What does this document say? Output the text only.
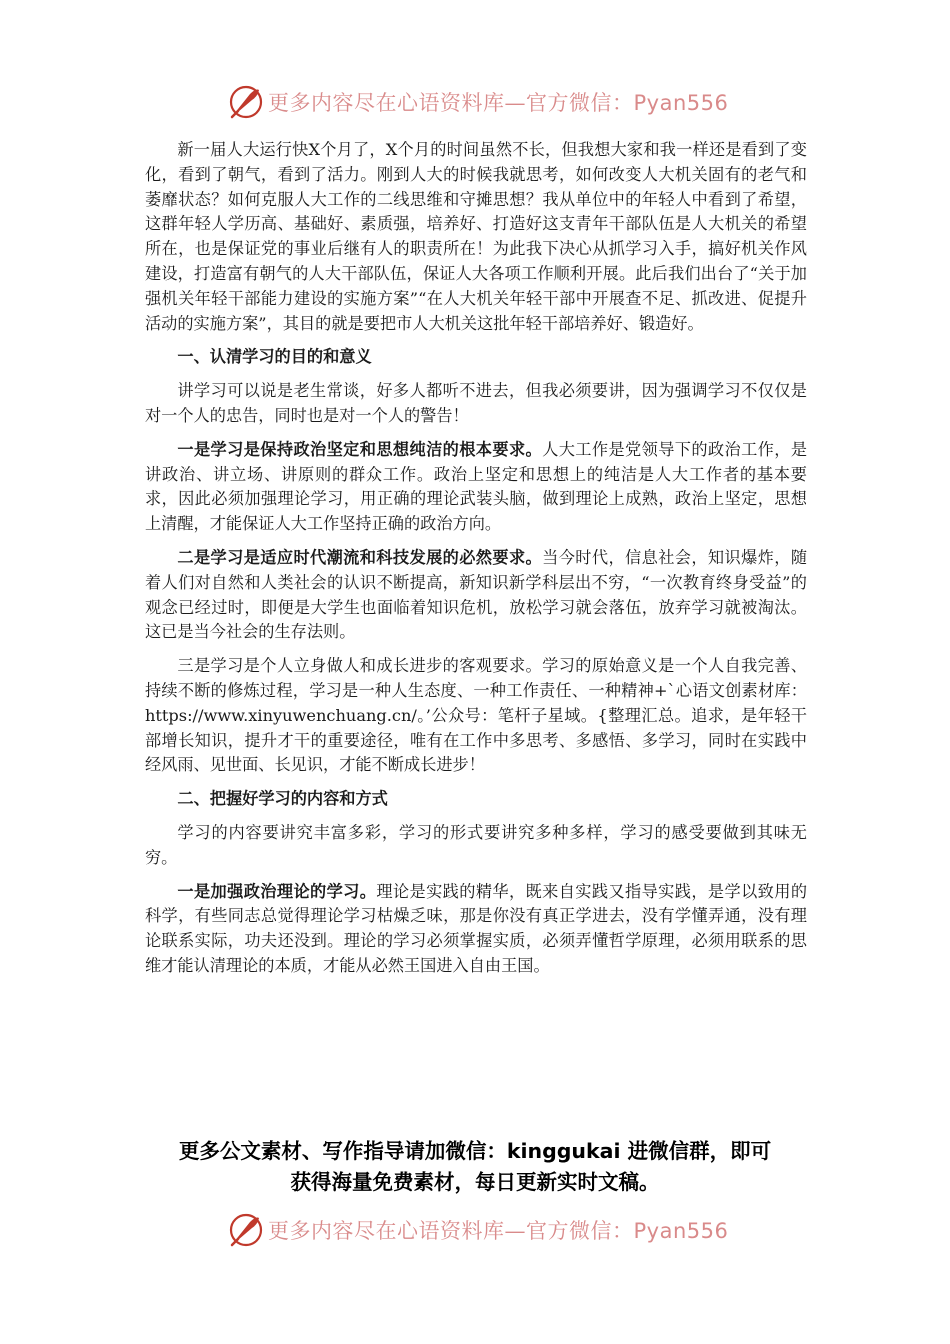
更多内容尽在心语资料库—官方微信：Pyan556

新一届人大运行快X个月了，X个月的时间虽然不长，但我想大家和我一样还是看到了变化，看到了朝气，看到了活力。刚到人大的时候我就思考，如何改变人大机关固有的老气和萎靡状态？如何克服人大工作的二线思维和守摊思想？我从单位中的年轻人中看到了希望，这群年轻人学历高、基础好、素质强，培养好、打造好这支青年干部队伍是人大机关的希望所在，也是保证党的事业后继有人的职责所在！为此我下决心从抓学习入手，搞好机关作风建设，打造富有朝气的人大干部队伍，保证人大各项工作顺利开展。此后我们出台了“关于加强机关年轻干部能力建设的实施方案”“在人大机关年轻干部中开展查不足、抓改进、促提升活动的实施方案”，其目的就是要把市人大机关这批年轻干部培养好、锻造好。

一、认清学习的目的和意义

讲学习可以说是老生常谈，好多人都听不进去，但我必须要讲，因为强调学习不仅仅是对一个人的忠告，同时也是对一个人的警告！

一是学习是保持政治坚定和思想纯洁的根本要求。人大工作是党领导下的政治工作，是讲政治、讲立场、讲原则的群众工作。政治上坚定和思想上的纯洁是人大工作者的基本要求，因此必须加强理论学习，用正确的理论武装头脑，做到理论上成熟，政治上坚定，思想上清醒，才能保证人大工作坚持正确的政治方向。

二是学习是适应时代潮流和科技发展的必然要求。当今时代，信息社会，知识爆炸，随着人们对自然和人类社会的认识不断提高，新知识新学科层出不穷，“一次教育终身受益”的观念已经过时，即便是大学生也面临着知识危机，放松学习就会落伍，放弃学习就被淘汰。这已是当今社会的生存法则。

三是学习是个人立身做人和成长进步的客观要求。学习的原始意义是一个人自我完善、持续不断的修炼过程，学习是一种人生态度、一种工作责任、一种精神+`心语文创素材库：https://www.xinyuwenchuang.cn/。’公众号：笔杆子星域。{整理汇总。追求，是年轻干部增长知识，提升才干的重要途径，唯有在工作中多思考、多感悟、多学习，同时在实践中经风雨、见世面、长见识，才能不断成长进步！

二、把握好学习的内容和方式

学习的内容要讲究丰富多彩，学习的形式要讲究多种多样，学习的感受要做到其味无穷。

一是加强政治理论的学习。理论是实践的精华，既来自实践又指导实践，是学以致用的科学，有些同志总觉得理论学习枯燥乏味，那是你没有真正学进去，没有学懂弄通，没有理论联系实际，功夫还没到。理论的学习必须掌握实质，必须弄懂哲学原理，必须用联系的思维才能认清理论的本质，才能从必然王国进入自由王国。

更多公文素材、写作指导请加微信：kinggukai 进微信群，即可
获得海量免费素材，每日更新实时文稿。
更多内容尽在心语资料库—官方微信：Pyan556
